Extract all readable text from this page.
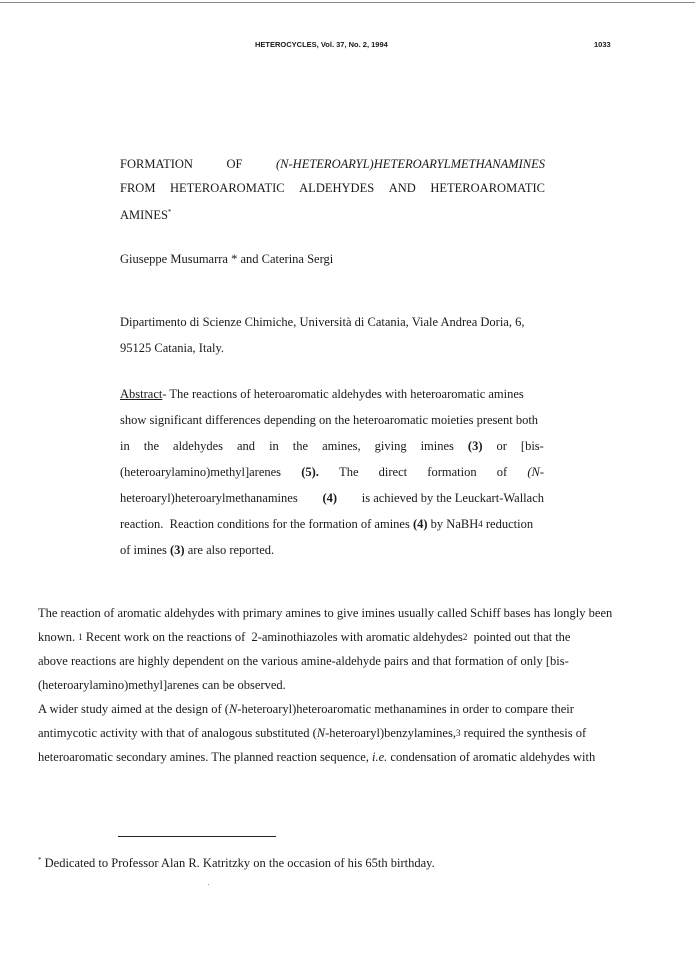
HETEROCYCLES, Vol. 37, No. 2, 1994	1033
FORMATION	OF	(N-HETEROARYL)HETEROARYLMETHANAMINES
FROM HETEROAROMATIC ALDEHYDES AND HETEROAROMATIC
AMINES*
Giuseppe Musumarra * and Caterina Sergi
Dipartimento di Scienze Chimiche, Università di Catania, Viale Andrea Doria, 6,
95125 Catania, Italy.
Abstract - The reactions of heteroaromatic aldehydes with heteroaromatic amines
show significant differences depending on the heteroaromatic moieties present both
in the aldehydes and in the amines, giving imines (3) or [bis-
(heteroarylamino)methyl]arenes (5). The direct formation of (N-
heteroaryl)heteroarylmethanamines (4) is achieved by the Leuckart-Wallach
reaction.  Reaction conditions for the formation of amines
(4)
by NaBH 4
reduction
of imines (3) are also reported.
The reaction of aromatic aldehydes with primary amines to give imines usually called Schiff bases has longly been
known.
1
Recent work on the reactions of  2-aminothiazoles with aromatic aldehydes 2
pointed out that the
above reactions are highly dependent on the various amine-aldehyde pairs and that formation of only [bis-
(heteroarylamino)methyl]arenes can be observed.
A wider study aimed at the design of ( N -heteroaryl)heteroaromatic methanamines in order to compare their
antimycotic activity with that of analogous substituted ( N -heteroaryl)benzylamines, 3
required the synthesis of
heteroaromatic secondary amines. The planned reaction sequence,
i.e.
condensation of aromatic aldehydes with
* Dedicated to Professor Alan R. Katritzky on the occasion of his 65th birthday.
